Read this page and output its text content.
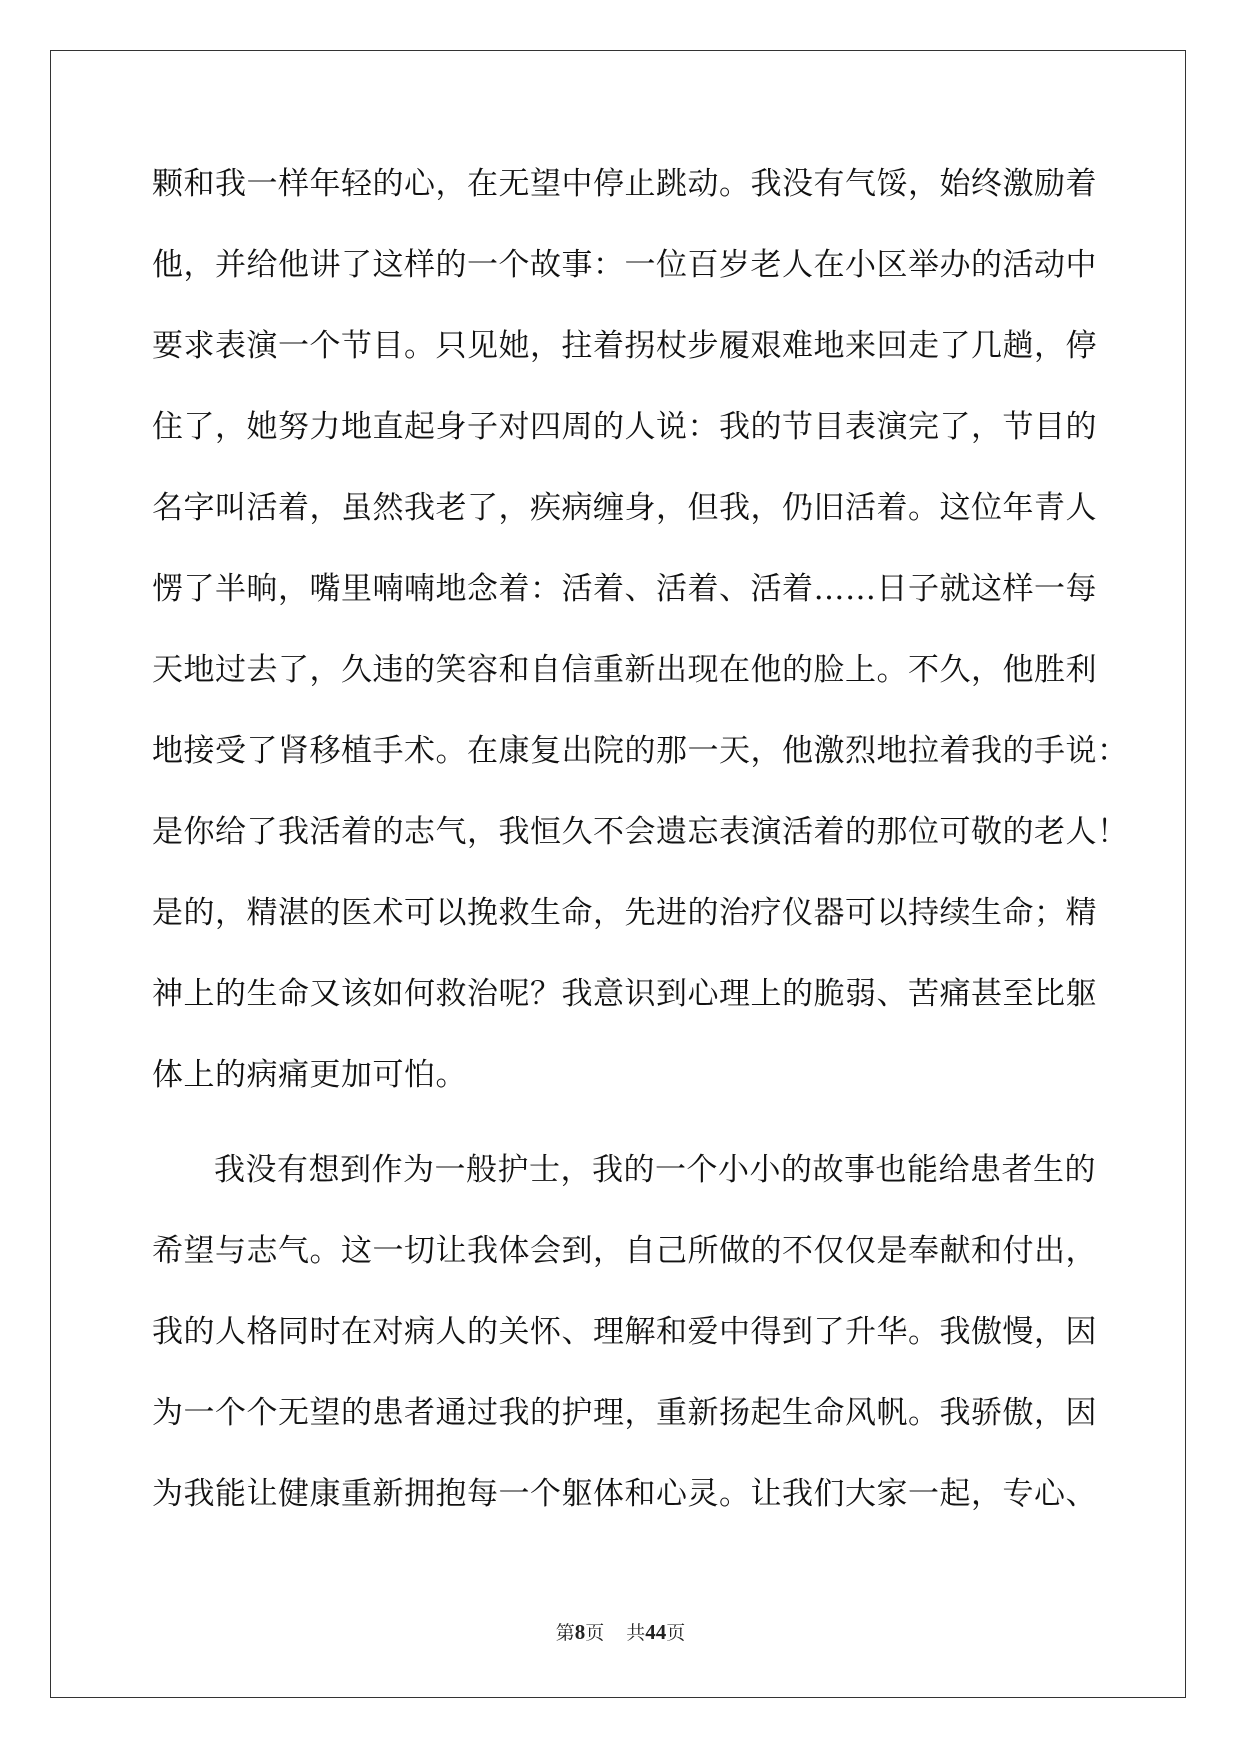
颗和我一样年轻的心，在无望中停止跳动。我没有气馁，始终激励着
他，并给他讲了这样的一个故事：一位百岁老人在小区举办的活动中
要求表演一个节目。只见她，拄着拐杖步履艰难地来回走了几趟，停
住了，她努力地直起身子对四周的人说：我的节目表演完了，节目的
名字叫活着，虽然我老了，疾病缠身，但我，仍旧活着。这位年青人
愣了半晌，嘴里喃喃地念着：活着、活着、活着……日子就这样一每
天地过去了，久违的笑容和自信重新出现在他的脸上。不久，他胜利
地接受了肾移植手术。在康复出院的那一天，他激烈地拉着我的手说：
是你给了我活着的志气，我恒久不会遗忘表演活着的那位可敬的老人！
是的，精湛的医术可以挽救生命，先进的治疗仪器可以持续生命；精
神上的生命又该如何救治呢？我意识到心理上的脆弱、苦痛甚至比躯
体上的病痛更加可怕。
我没有想到作为一般护士，我的一个小小的故事也能给患者生的
希望与志气。这一切让我体会到，自己所做的不仅仅是奉献和付出，
我的人格同时在对病人的关怀、理解和爱中得到了升华。我傲慢，因
为一个个无望的患者通过我的护理，重新扬起生命风帆。我骄傲，因
为我能让健康重新拥抱每一个躯体和心灵。让我们大家一起，专心、
第8页 共44页
